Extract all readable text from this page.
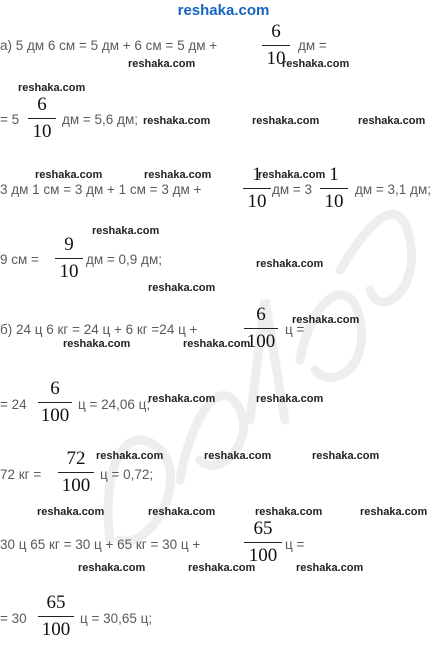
reshaka.com
а) 5 дм 6 см = 5 дм + 6 см = 5 дм +
6
10
дм =
= 5
6
10
дм = 5,6 дм;
3 дм 1 см = 3 дм + 1 см = 3 дм +
1
10
дм = 3
1
10
дм = 3,1 дм;
9 см =
9
10
дм = 0,9 дм;
б) 24 ц 6 кг = 24 ц + 6 кг =24 ц +
6
100
ц =
= 24
6
100
ц = 24,06 ц;
72 кг =
72
100
ц = 0,72;
30 ц 65 кг = 30 ц + 65 кг = 30 ц +
65
100
ц =
= 30
65
100
ц = 30,65 ц;
reshaka.com	reshaka.com
reshaka.com
reshaka.com	reshaka.com	reshaka.com
reshaka.com	reshaka.com	reshaka.com
reshaka.com
reshaka.com
reshaka.com
reshaka.com
reshaka.com	reshaka.com
reshaka.com	reshaka.com
reshaka.com	reshaka.com	reshaka.com
reshaka.com	reshaka.com	reshaka.com	reshaka.com
reshaka.com	reshaka.com	reshaka.com
